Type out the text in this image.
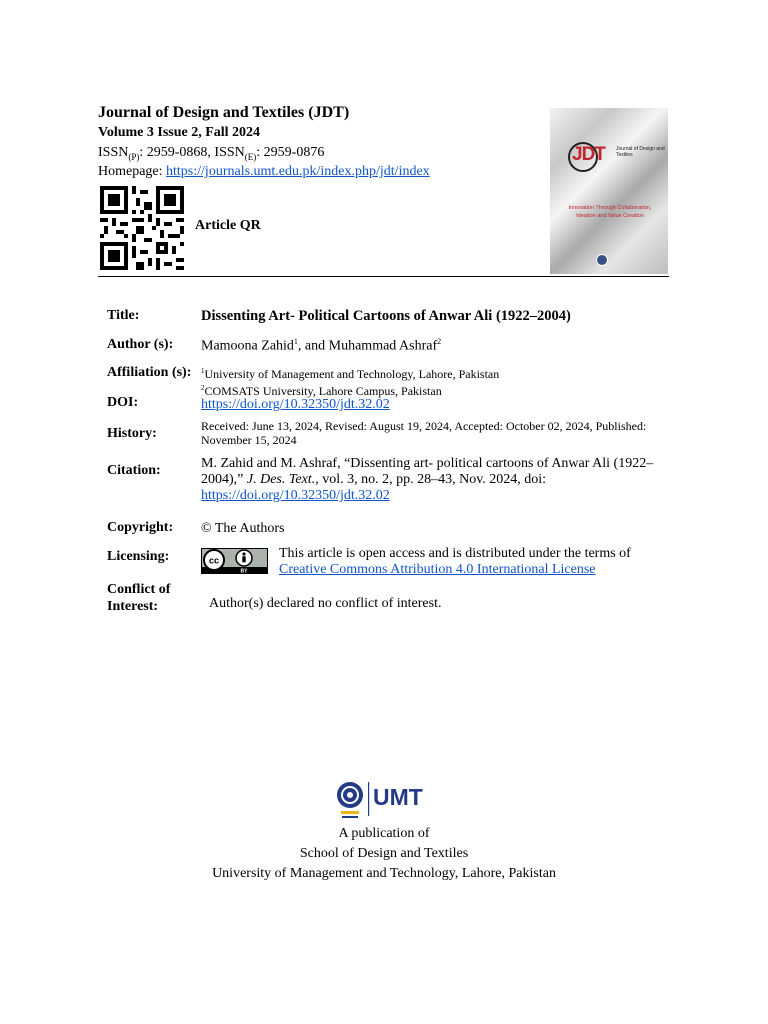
Journal of Design and Textiles (JDT)
Volume 3 Issue 2, Fall 2024
$ISSN_{(P)}$: 2959-0868, $ISSN_{(E)}$: 2959-0876
Homepage: https://journals.umt.edu.pk/index.php/jdt/index
Article QR
JDT Journal of Design and Textiles
Innovation Through Collaboration, Ideation and Value Creation
Title:	Dissenting Art- Political Cartoons of Anwar Ali (1922–2004)
Author (s): Mamoona Zahid$^1$, and Muhammad Ashraf$^2$
Affiliation (s): $^1$University of Management and Technology, Lahore, Pakistan
$^2$COMSATS University, Lahore Campus, Pakistan
DOI:	https://doi.org/10.32350/jdt.32.02
History:	Received: June 13, 2024, Revised: August 19, 2024, Accepted: October 02, 2024, Published: November 15, 2024
Citation:	M. Zahid and M. Ashraf, “Dissenting art- political cartoons of Anwar Ali (1922–2004),” J. Des. Text., vol. 3, no. 2, pp. 28–43, Nov. 2024, doi: https://doi.org/10.32350/jdt.32.02
Copyright: © The Authors
Licensing:	cc
BY
This article is open access and is distributed under the terms of Creative Commons Attribution 4.0 International License
Conflict of
Interest:	Author(s) declared no conflict of interest.
UMT
A publication of
School of Design and Textiles
University of Management and Technology, Lahore, Pakistan
